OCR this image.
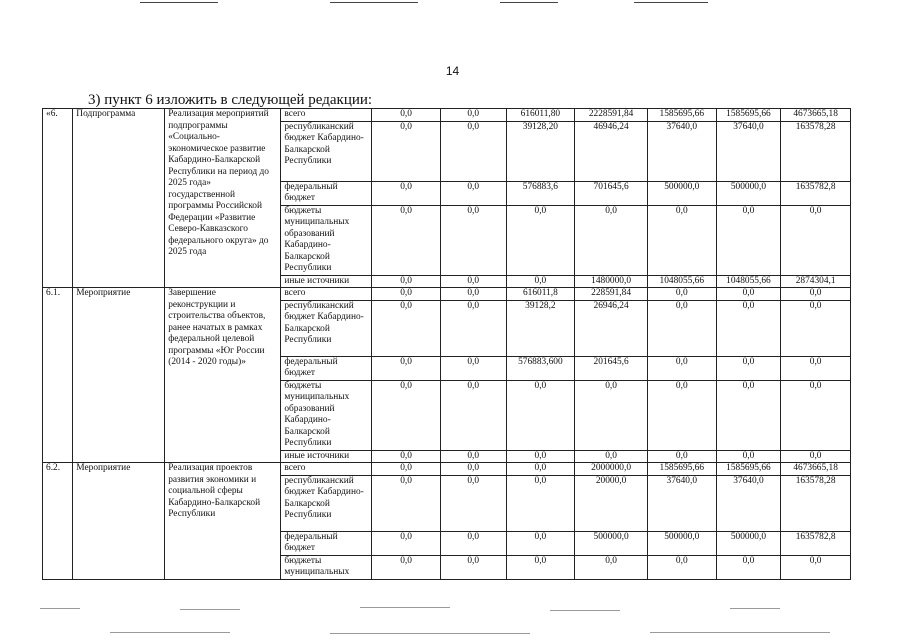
14
3) пункт 6 изложить в следующей редакции:
«6.	Подпрограмма	Реализация мероприятий подпрограммы «Социально-экономическое развитие Кабардино-Балкарской Республики на период до 2025 года» государственной программы Российской Федерации «Развитие Северо-Кавказского федерального округа» до 2025 года	всего	0,0	0,0	616011,80	2228591,84	1585695,66	1585695,66	4673665,18
			республиканский бюджет Кабардино-Балкарской Республики	0,0	0,0	39128,20	46946,24	37640,0	37640,0	163578,28
			федеральный бюджет	0,0	0,0	576883,6	701645,6	500000,0	500000,0	1635782,8
			бюджеты муниципальных образований Кабардино-Балкарской Республики	0,0	0,0	0,0	0,0	0,0	0,0	0,0
			иные источники	0,0	0,0	0,0	1480000,0	1048055,66	1048055,66	2874304,1
6.1.	Мероприятие	Завершение реконструкции и строительства объектов, ранее начатых в рамках федеральной целевой программы «Юг России (2014 - 2020 годы)»	всего	0,0	0,0	616011,8	228591,84	0,0	0,0	0,0
			республиканский бюджет Кабардино-Балкарской Республики	0,0	0,0	39128,2	26946,24	0,0	0,0	0,0
			федеральный бюджет	0,0	0,0	576883,600	201645,6	0,0	0,0	0,0
			бюджеты муниципальных образований Кабардино-Балкарской Республики	0,0	0,0	0,0	0,0	0,0	0,0	0,0
			иные источники	0,0	0,0	0,0	0,0	0,0	0,0	0,0
6.2.	Мероприятие	Реализация проектов развития экономики и социальной сферы Кабардино-Балкарской Республики	всего	0,0	0,0	0,0	2000000,0	1585695,66	1585695,66	4673665,18
			республиканский бюджет Кабардино-Балкарской Республики	0,0	0,0	0,0	20000,0	37640,0	37640,0	163578,28
			федеральный бюджет	0,0	0,0	0,0	500000,0	500000,0	500000,0	1635782,8
			бюджеты муниципальных	0,0	0,0	0,0	0,0	0,0	0,0	0,0
